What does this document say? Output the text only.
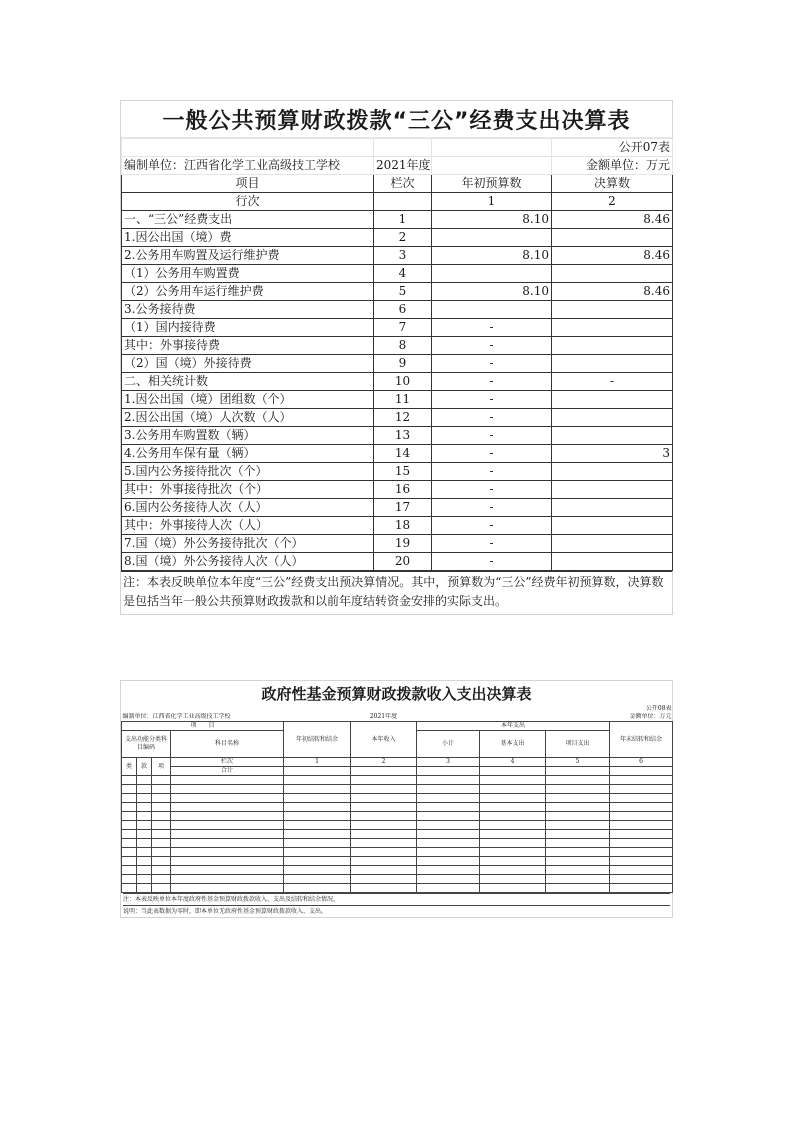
一般公共预算财政拨款“三公”经费支出决算表
			公开07表
编制单位：江西省化学工业高级技工学校	2021年度		金额单位：万元
项目	栏次	年初预算数	决算数
行次		1	2
一、“三公”经费支出	1	8.10	8.46
1.因公出国（境）费	2		
2.公务用车购置及运行维护费	3	8.10	8.46
（1）公务用车购置费	4		
（2）公务用车运行维护费	5	8.10	8.46
3.公务接待费	6		
（1）国内接待费	7	-	
其中：外事接待费	8	-	
（2）国（境）外接待费	9	-	
二、相关统计数	10	-	-
1.因公出国（境）团组数（个）	11	-	
2.因公出国（境）人次数（人）	12	-	
3.公务用车购置数（辆）	13	-	
4.公务用车保有量（辆）	14	-	3
5.国内公务接待批次（个）	15	-	
其中：外事接待批次（个）	16	-	
6.国内公务接待人次（人）	17	-	
其中：外事接待人次（人）	18	-	
7.国（境）外公务接待批次（个）	19	-	
8.国（境）外公务接待人次（人）	20	-	
注：本表反映单位本年度“三公”经费支出预决算情况。其中，预算数为“三公”经费年初预算数，决算数是包括当年一般公共预算财政拨款和以前年度结转资金安排的实际支出。
政府性基金预算财政拨款收入支出决算表
									公开08表
编制单位：江西省化学工业高级技工学校					2021年度				金额单位：万元
项　　目				年初结转和结余	本年收入	本年支出			年末结转和结余
支出功能分类科目编码			科目名称			小计	基本支出	项目支出	

类	款	项	栏次	1	2	3	4	5	6
			合计						

注：本表反映单位本年度政府性基金预算财政拨款收入、支出及结转和结余情况。
说明：当此表数据为零时，即本单位无政府性基金预算财政拨款收入、支出。
